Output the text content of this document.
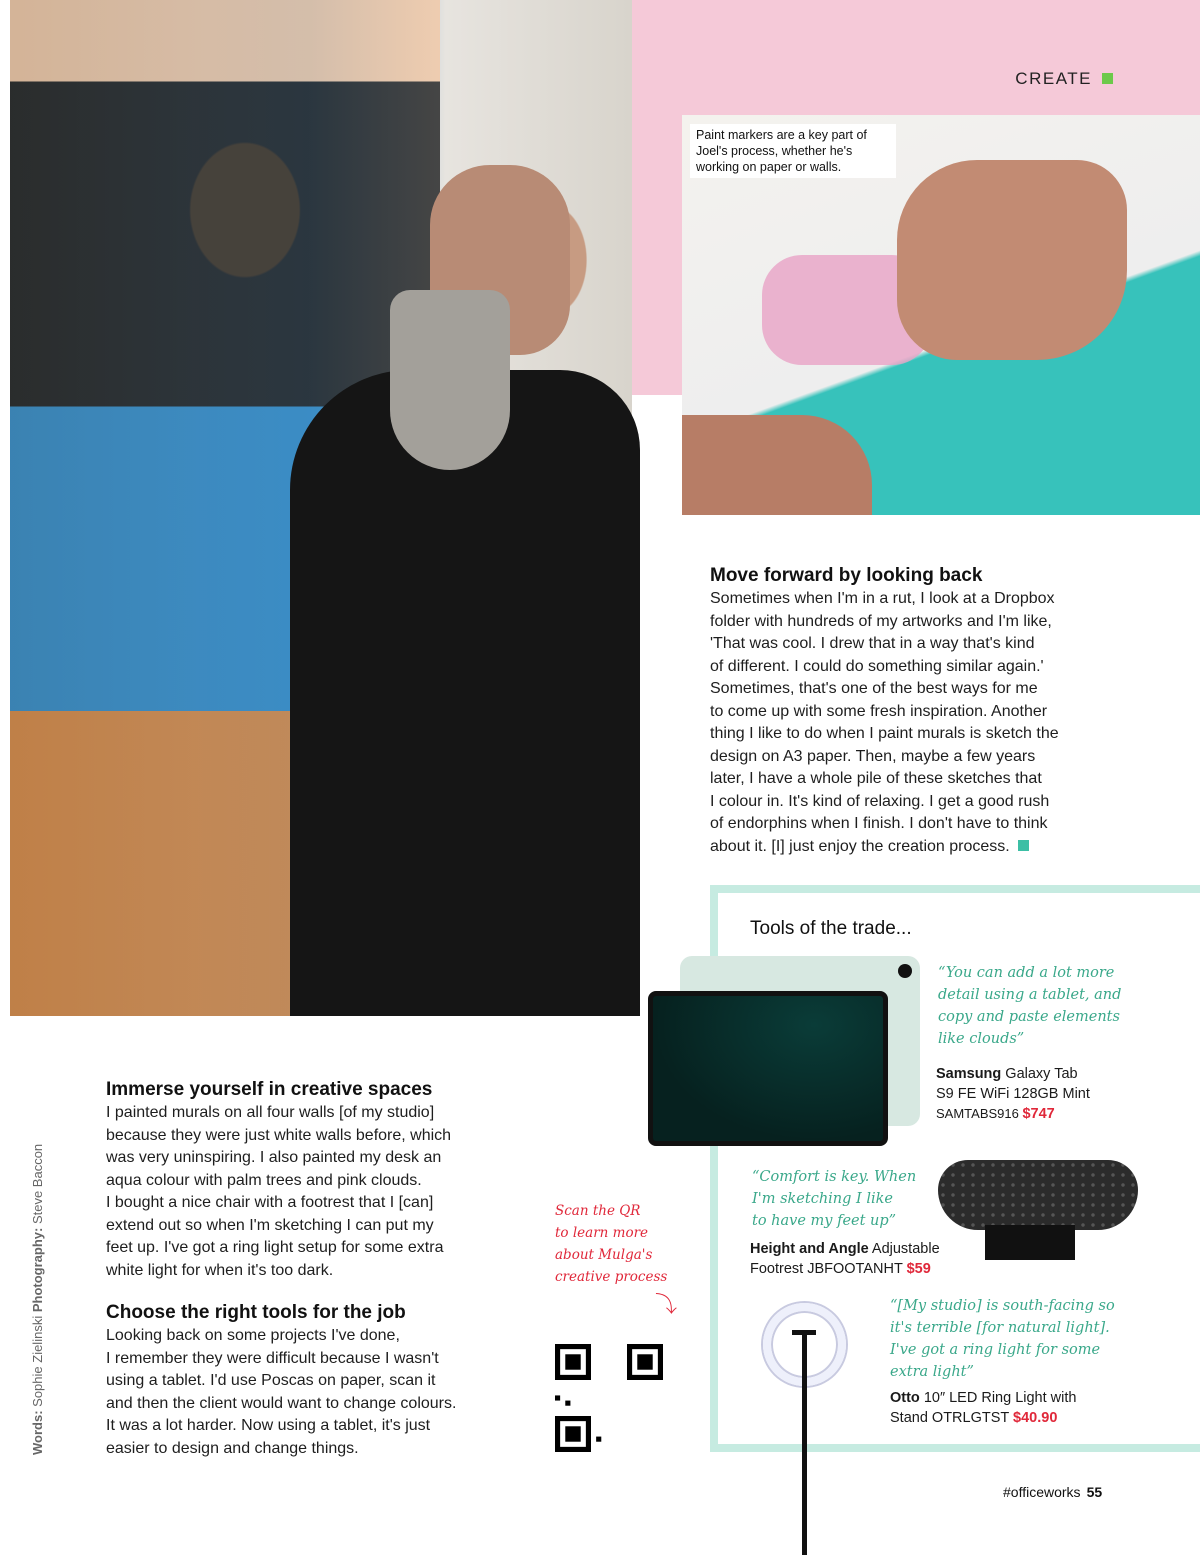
CREATE
Paint markers are a key part of Joel's process, whether he's working on paper or walls.
Move forward by looking back
Sometimes when I'm in a rut, I look at a Dropbox
folder with hundreds of my artworks and I'm like,
'That was cool. I drew that in a way that's kind
of different. I could do something similar again.'
Sometimes, that's one of the best ways for me
to come up with some fresh inspiration. Another
thing I like to do when I paint murals is sketch the
design on A3 paper. Then, maybe a few years
later, I have a whole pile of these sketches that
I colour in. It's kind of relaxing. I get a good rush
of endorphins when I finish. I don't have to think
about it. [I] just enjoy the creation process.
Tools of the trade...
“You can add a lot more
detail using a tablet, and
copy and paste elements
like clouds”
Samsung Galaxy Tab
S9 FE WiFi 128GB Mint
SAMTABS916 $747
“Comfort is key. When
I'm sketching I like
to have my feet up”
Height and Angle Adjustable
Footrest JBFOOTANHT $59
“[My studio] is south-facing so
it's terrible [for natural light].
I've got a ring light for some
extra light”
Otto 10″ LED Ring Light with
Stand OTRLGTST $40.90
Immerse yourself in creative spaces
I painted murals on all four walls [of my studio]
because they were just white walls before, which
was very uninspiring. I also painted my desk an
aqua colour with palm trees and pink clouds.
I bought a nice chair with a footrest that I [can]
extend out so when I'm sketching I can put my
feet up. I've got a ring light setup for some extra
white light for when it's too dark.
Choose the right tools for the job
Looking back on some projects I've done,
I remember they were difficult because I wasn't
using a tablet. I'd use Poscas on paper, scan it
and then the client would want to change colours.
It was a lot harder. Now using a tablet, it's just
easier to design and change things.
Scan the QR
to learn more
about Mulga's
creative process
⤵
Words: Sophie Zielinski Photography: Steve Baccon
#officeworks 55
